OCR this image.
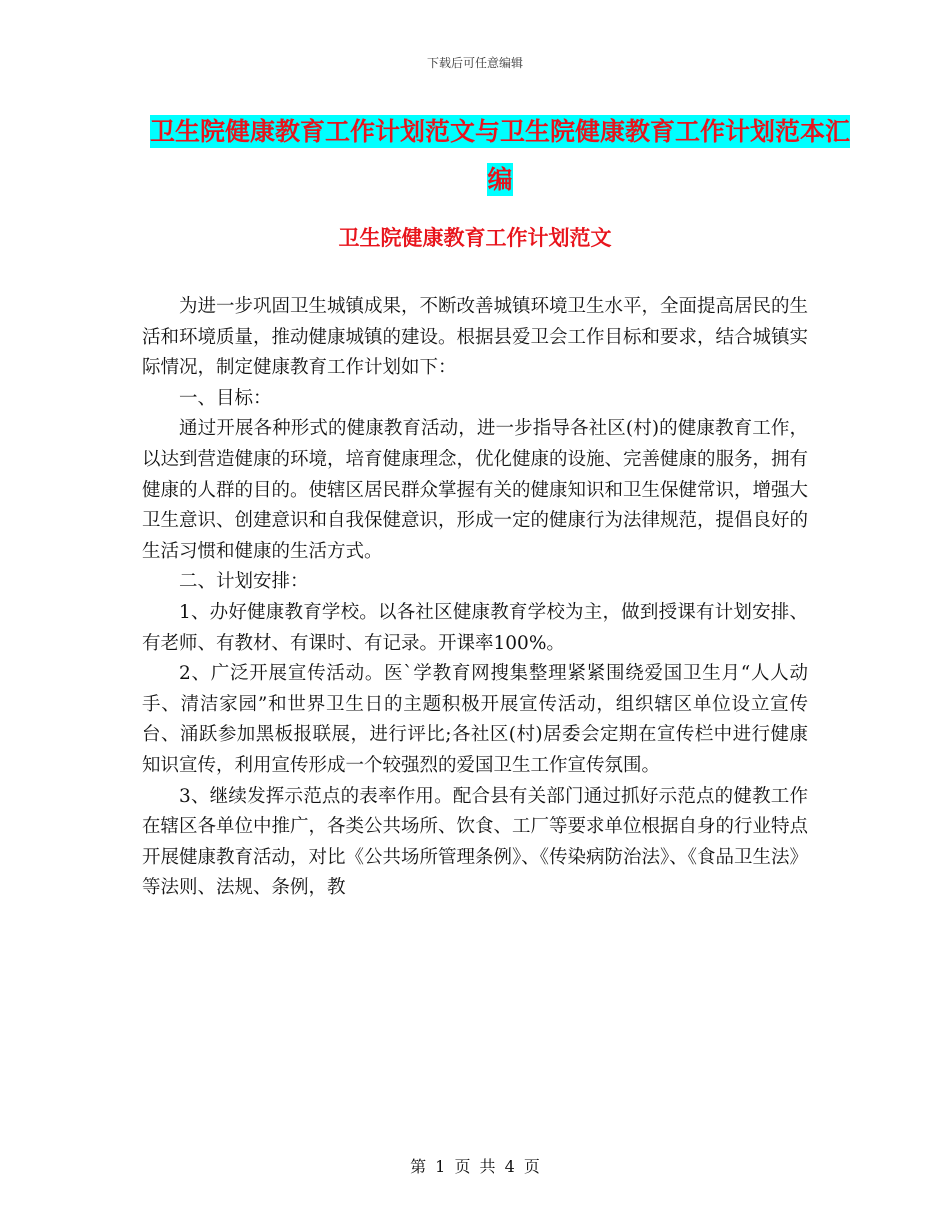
下载后可任意编辑
卫生院健康教育工作计划范文与卫生院健康教育工作计划范本汇编
卫生院健康教育工作计划范文

为进一步巩固卫生城镇成果，不断改善城镇环境卫生水平，全面提高居民的生活和环境质量，推动健康城镇的建设。根据县爱卫会工作目标和要求，结合城镇实际情况，制定健康教育工作计划如下：

一、目标：

通过开展各种形式的健康教育活动，进一步指导各社区(村)的健康教育工作，以达到营造健康的环境，培育健康理念，优化健康的设施、完善健康的服务，拥有健康的人群的目的。使辖区居民群众掌握有关的健康知识和卫生保健常识，增强大卫生意识、创建意识和自我保健意识，形成一定的健康行为法律规范，提倡良好的生活习惯和健康的生活方式。

二、计划安排：

1、办好健康教育学校。以各社区健康教育学校为主，做到授课有计划安排、有老师、有教材、有课时、有记录。开课率100%。

2、广泛开展宣传活动。医`学教育网搜集整理紧紧围绕爱国卫生月“人人动手、清洁家园”和世界卫生日的主题积极开展宣传活动，组织辖区单位设立宣传台、涌跃参加黑板报联展，进行评比;各社区(村)居委会定期在宣传栏中进行健康知识宣传，利用宣传形成一个较强烈的爱国卫生工作宣传氛围。

3、继续发挥示范点的表率作用。配合县有关部门通过抓好示范点的健教工作在辖区各单位中推广，各类公共场所、饮食、工厂等要求单位根据自身的行业特点开展健康教育活动，对比《公共场所管理条例》、《传染病防治法》、《食品卫生法》等法则、法规、条例，教

第 1 页 共 4 页
